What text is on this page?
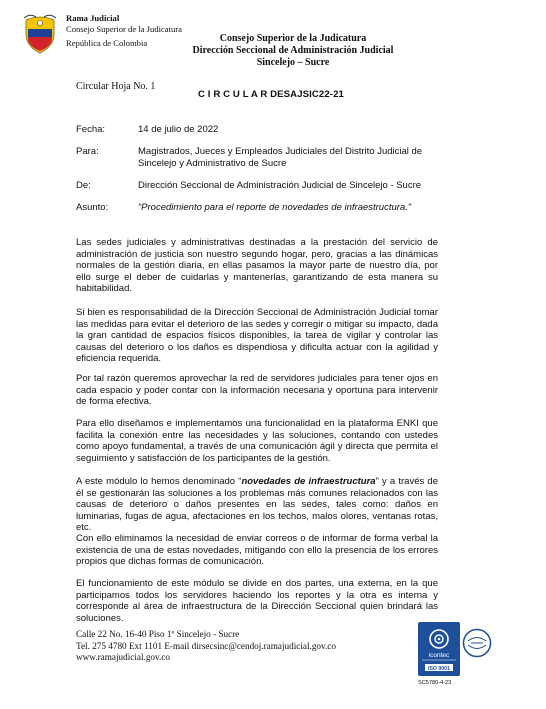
Rama Judicial
Consejo Superior de la Judicatura
República de Colombia	Consejo Superior de la Judicatura
Dirección Seccional de Administración Judicial
Sincelejo – Sucre
Circular Hoja No. 1
C I R C U L A R DESAJSIC22-21
Fecha:	14 de julio de 2022
Para:	Magistrados, Jueces y Empleados Judiciales del Distrito Judicial de Sincelejo y Administrativo de Sucre
De:	Dirección Seccional de Administración Judicial de Sincelejo - Sucre
Asunto:	“Procedimiento para el reporte de novedades de infraestructura.”

Las sedes judiciales y administrativas destinadas a la prestación del servicio de administración de justicia son nuestro segundo hogar, pero, gracias a las dinámicas normales de la gestión diaria, en ellas pasamos la mayor parte de nuestro día, por ello surge el deber de cuidarlas y mantenerlas, garantizando de esta manera su habitabilidad.

Si bien es responsabilidad de la Dirección Seccional de Administración Judicial tomar las medidas para evitar el deterioro de las sedes y corregir o mitigar su impacto, dada la gran cantidad de espacios físicos disponibles, la tarea de vigilar y controlar las causas del deterioro o los daños es dispendiosa y dificulta actuar con la agilidad y eficiencia requerida.

Por tal razón queremos aprovechar la red de servidores judiciales para tener ojos en cada espacio y poder contar con la información necesaria y oportuna para intervenir de forma efectiva.

Para ello diseñamos e implementamos una funcionalidad en la plataforma ENKI que facilita la conexión entre las necesidades y las soluciones, contando con ustedes como apoyo fundamental, a través de una comunicación ágil y directa que permita el seguimiento y satisfacción de los participantes de la gestión.

A este módulo lo hemos denominado “novedades de infraestructura” y a través de él se gestionarán las soluciones a los problemas más comunes relacionados con las causas de deterioro o daños presentes en las sedes, tales como: daños en luminarias, fugas de agua, afectaciones en los techos, malos olores, ventanas rotas, etc.

Con ello eliminamos la necesidad de enviar correos o de informar de forma verbal la existencia de una de estas novedades, mitigando con ello la presencia de los errores propios que dichas formas de comunicación.

El funcionamiento de este módulo se divide en dos partes, una externa, en la que participamos todos los servidores haciendo los reportes y la otra es interna y corresponde al área de infraestructura de la Dirección Seccional quien brindará las soluciones.

Calle 22 No. 16-40 Piso 1º Sincelejo - Sucre
Tel. 275 4780 Ext 1101 E-mail dirsecsinc@cendoj.ramajudicial.gov.co
www.ramajudicial.gov.co	icontec
ISO 9001
SC5780-4-23
